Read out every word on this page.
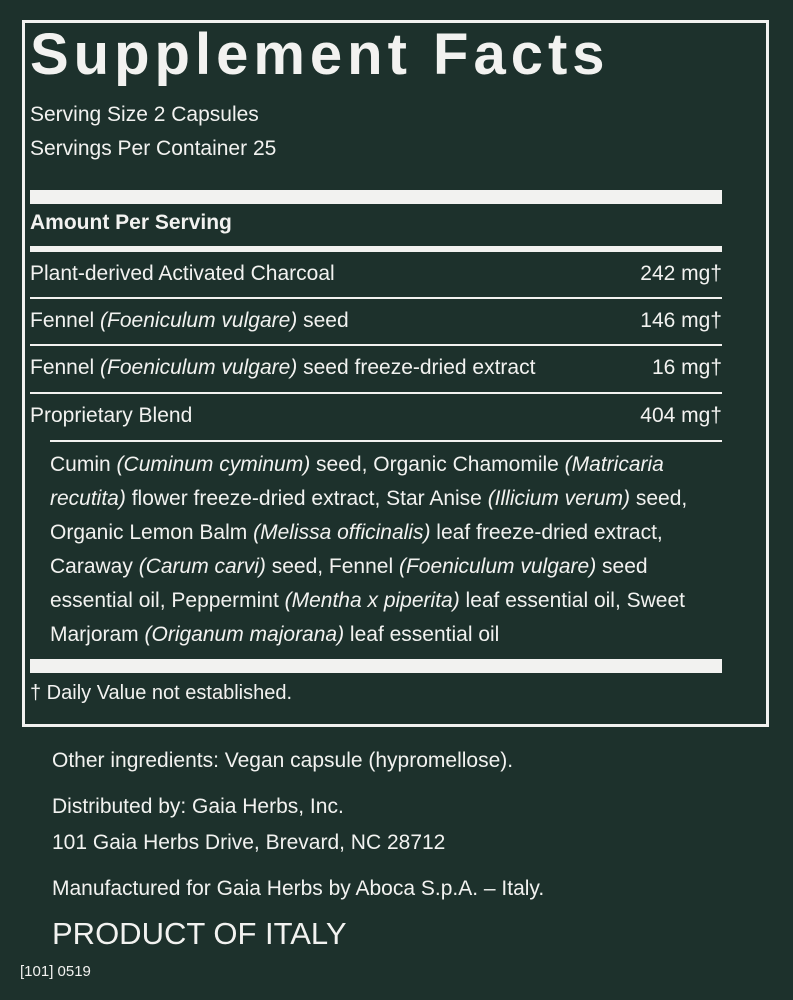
Supplement Facts
Serving Size 2 Capsules
Servings Per Container 25
Amount Per Serving
Plant-derived Activated Charcoal	242 mg†
Fennel (Foeniculum vulgare) seed	146 mg†
Fennel (Foeniculum vulgare) seed freeze-dried extract	16 mg†
Proprietary Blend	404 mg†
Cumin (Cuminum cyminum) seed, Organic Chamomile (Matricaria recutita) flower freeze-dried extract, Star Anise (Illicium verum) seed, Organic Lemon Balm (Melissa officinalis) leaf freeze-dried extract, Caraway (Carum carvi) seed, Fennel (Foeniculum vulgare) seed essential oil, Peppermint (Mentha x piperita) leaf essential oil, Sweet Marjoram (Origanum majorana) leaf essential oil
† Daily Value not established.
Other ingredients: Vegan capsule (hypromellose).
Distributed by: Gaia Herbs, Inc.
101 Gaia Herbs Drive, Brevard, NC 28712
Manufactured for Gaia Herbs by Aboca S.p.A. – Italy.
PRODUCT OF ITALY
[101] 0519
